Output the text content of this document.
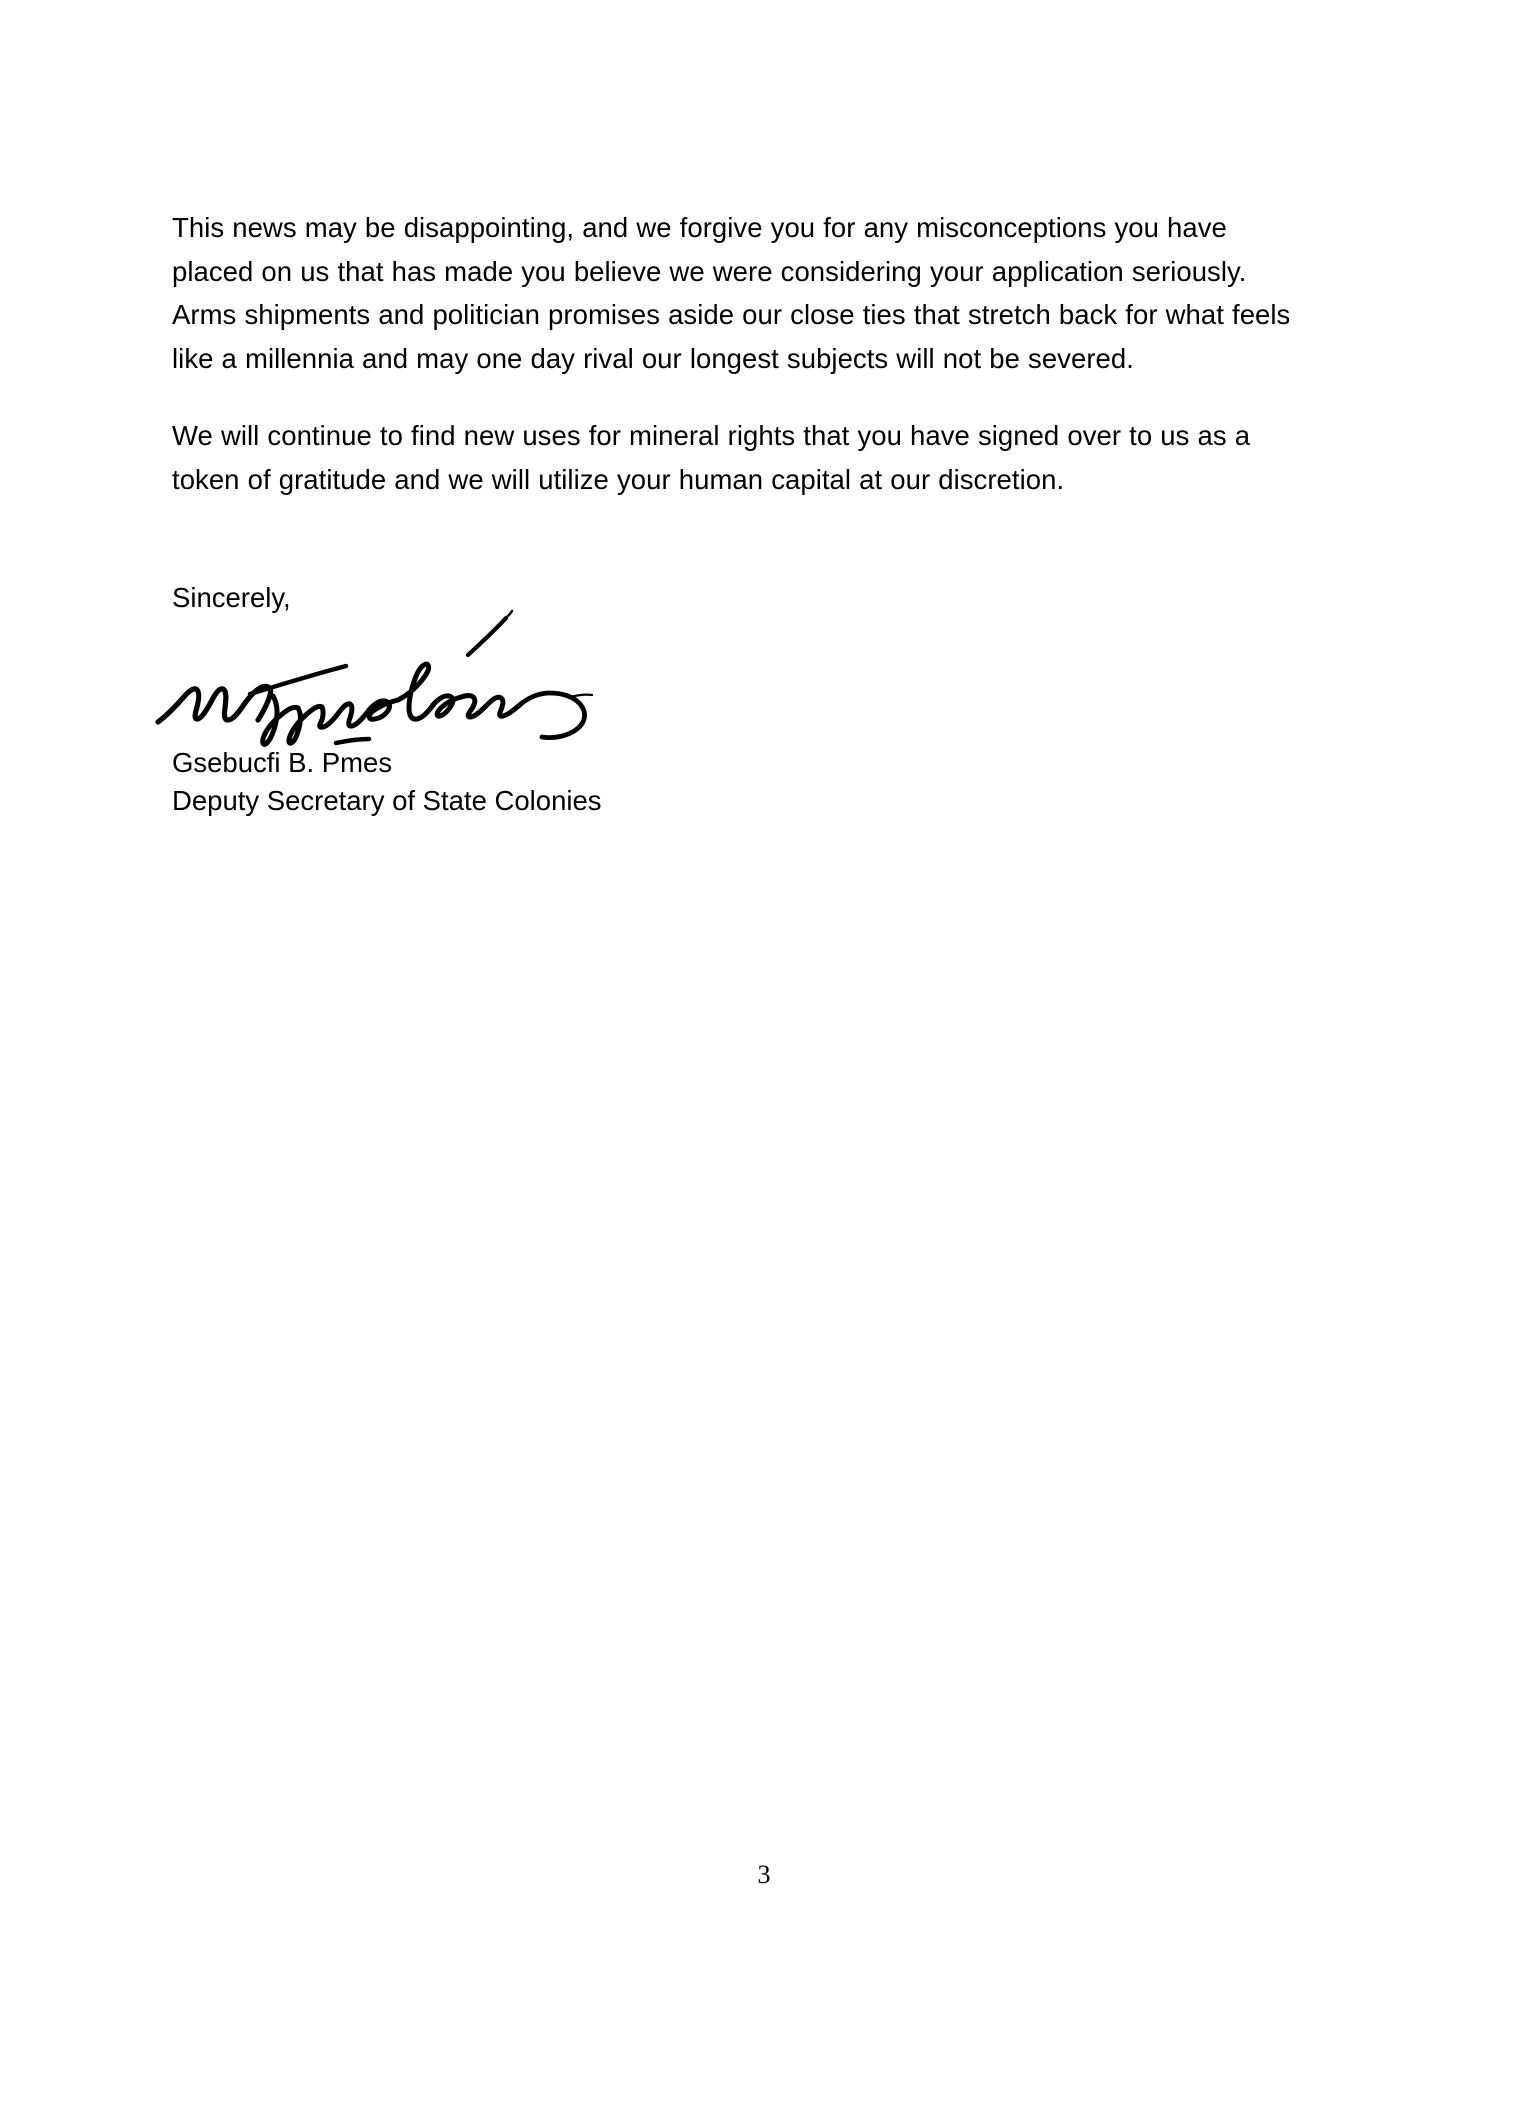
This news may be disappointing, and we forgive you for any misconceptions you have placed on us that has made you believe we were considering your application seriously. Arms shipments and politician promises aside our close ties that stretch back for what feels like a millennia and may one day rival our longest subjects will not be severed.

We will continue to find new uses for mineral rights that you have signed over to us as a token of gratitude and we will utilize your human capital at our discretion.

Sincerely,
Gsebucfi B. Pmes
Deputy Secretary of State Colonies
3
